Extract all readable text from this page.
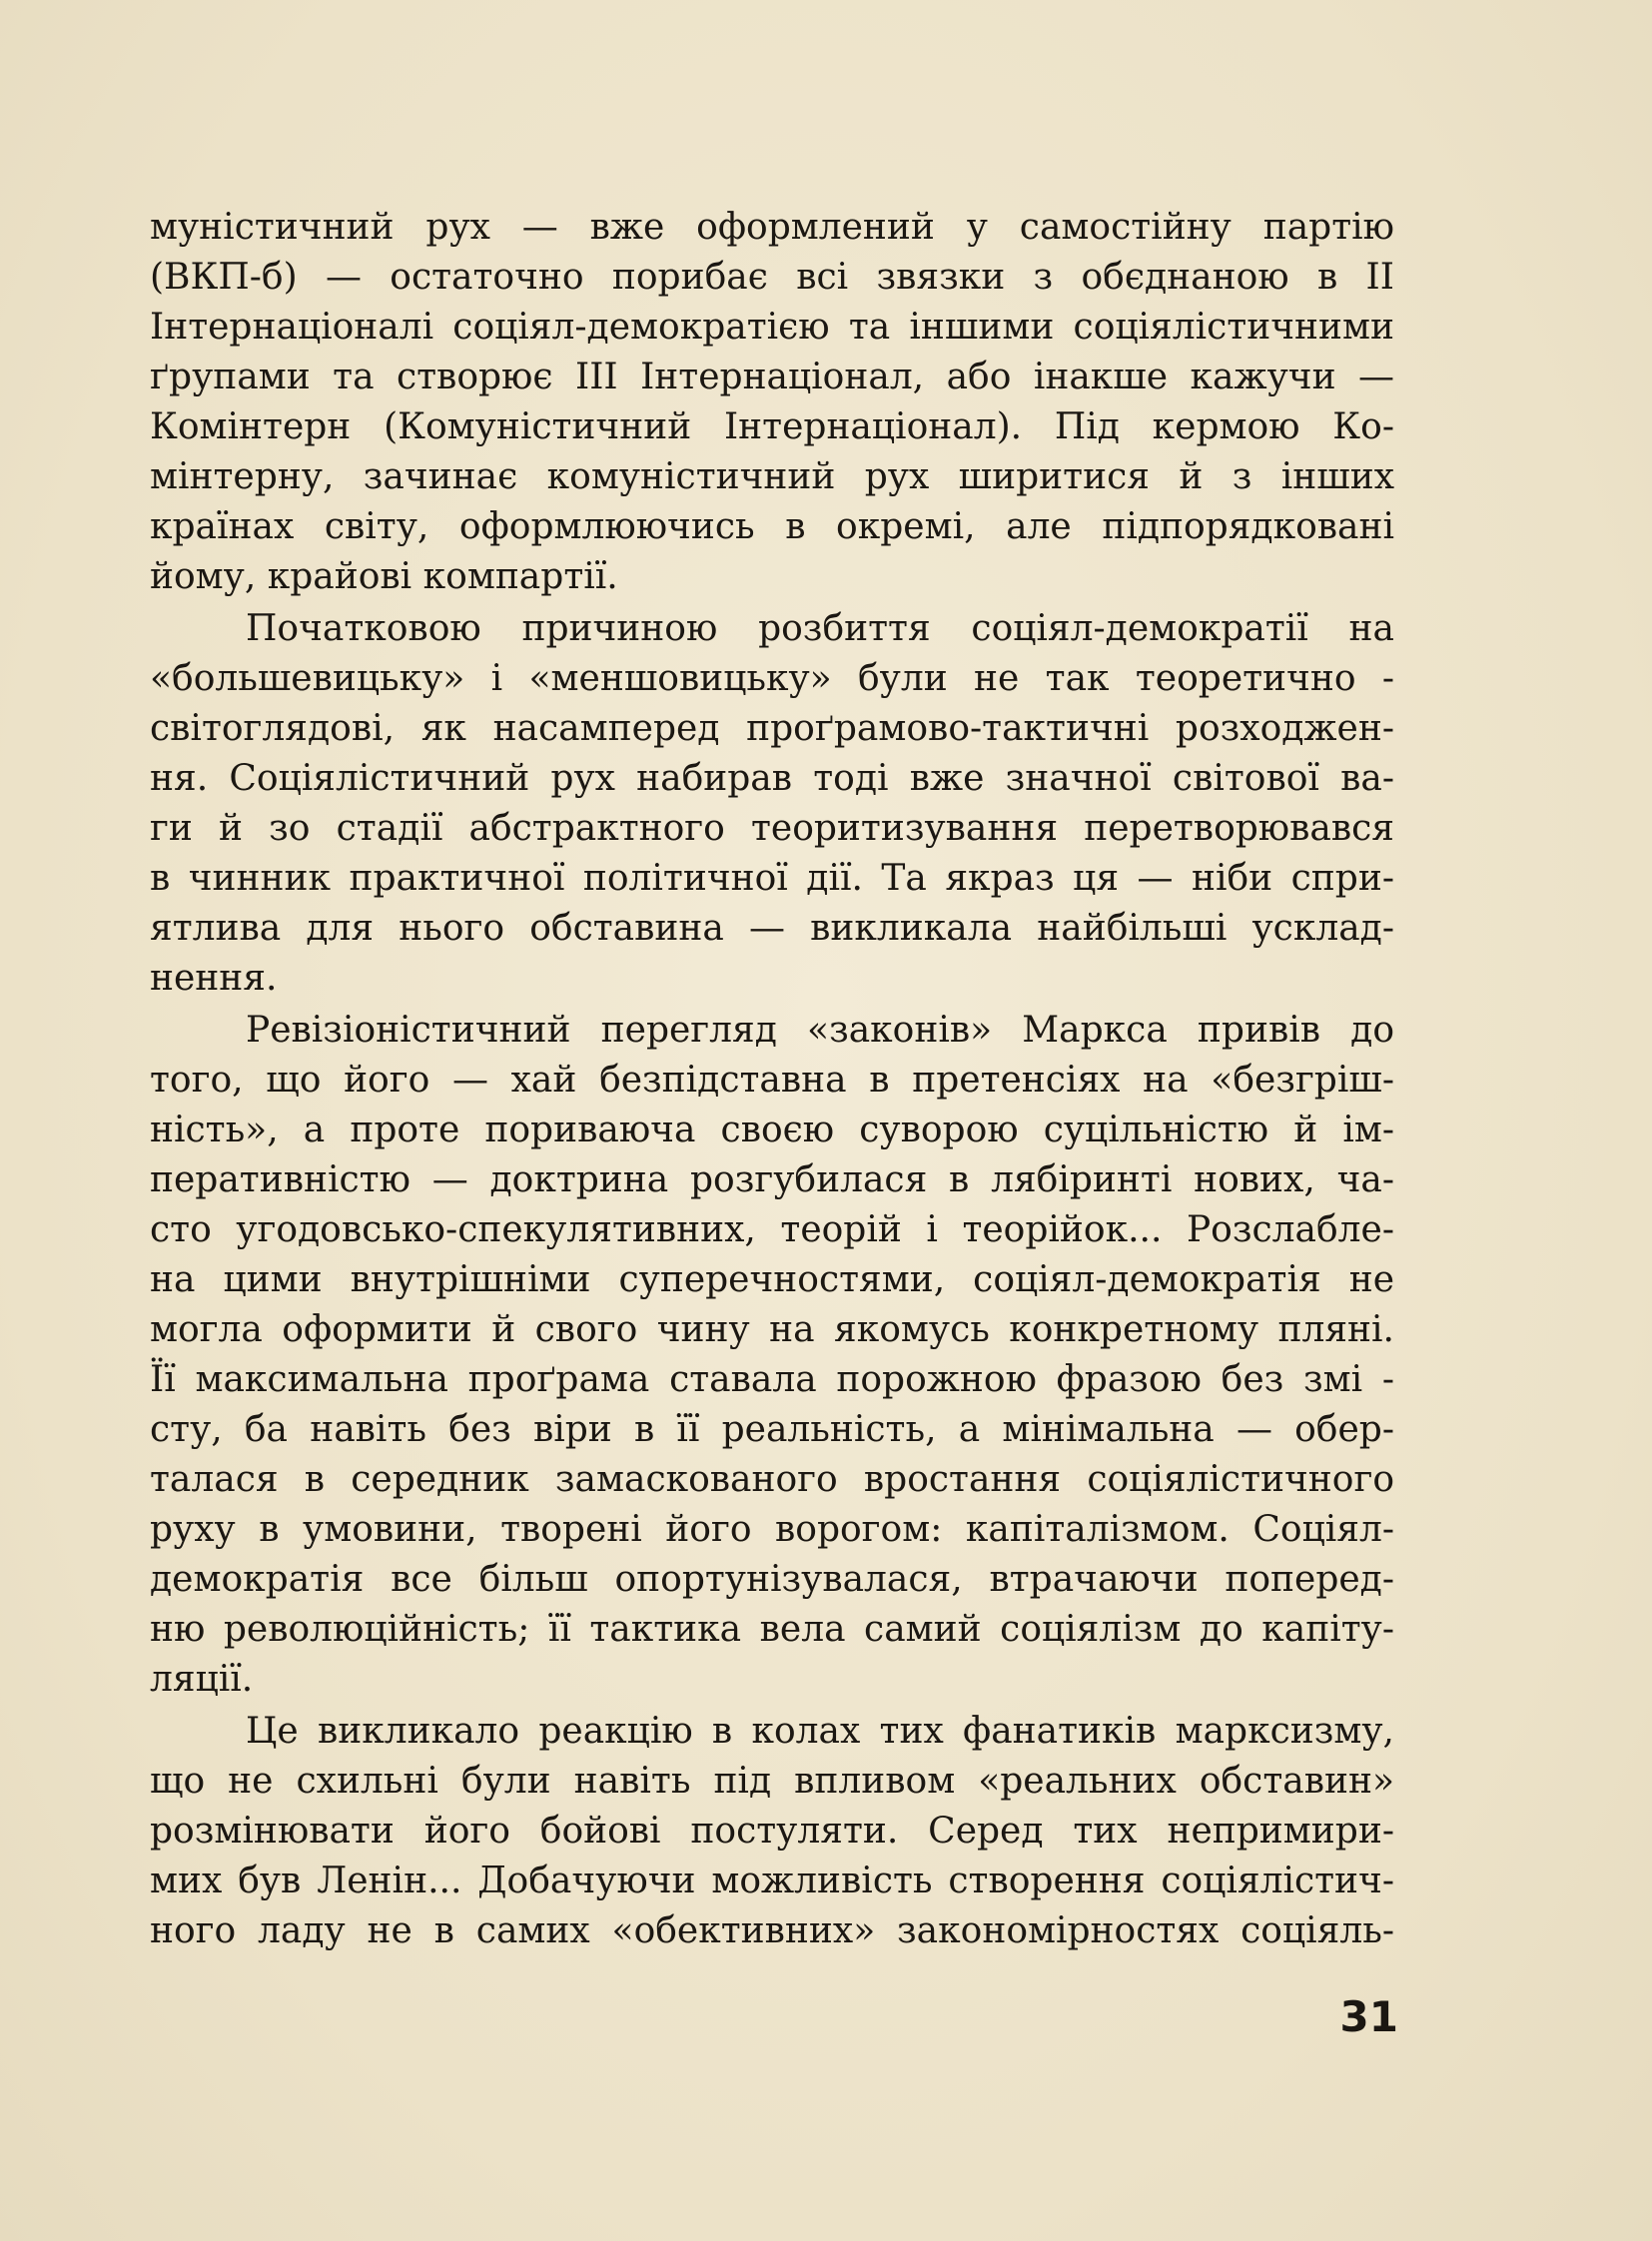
муністичний рух — вже оформлений у самостійну партію
(ВКП-б) — остаточно порибає всі звязки з обєднаною в ІІ
Інтернаціоналі соціял-демократією та іншими соціялістичними
ґрупами та створює ІІІ Інтернаціонал, або інакше кажучи —
Комінтерн (Комуністичний Інтернаціонал). Під кермою Ко-
мінтерну, зачинає комуністичний рух ширитися й з інших
країнах світу, оформлюючись в окремі, але підпорядковані
йому, крайові компартії.
Початковою причиною розбиття соціял-демократії на
«большевицьку» і «меншовицьку» були не так теоретично -
світоглядові, як насамперед проґрамово-тактичні розходжен-
ня. Соціялістичний рух набирав тоді вже значної світової ва-
ги й зо стадії абстрактного теоритизування перетворювався
в чинник практичної політичної дії. Та якраз ця — ніби спри-
ятлива для нього обставина — викликала найбільші усклад-
нення.
Ревізіоністичний перегляд «законів» Маркса привів до
того, що його — хай безпідставна в претенсіях на «безгріш-
ність», а проте пориваюча своєю суворою суцільністю й ім-
перативністю — доктрина розгубилася в лябіринті нових, ча-
сто угодовсько-спекулятивних, теорій і теорійок... Розслабле-
на цими внутрішніми суперечностями, соціял-демократія не
могла оформити й свого чину на якомусь конкретному пляні.
Її максимальна проґрама ставала порожною фразою без змі -
сту, ба навіть без віри в її реальність, а мінімальна — обер-
талася в середник замаскованого вростання соціялістичного
руху в умовини, творені його ворогом: капіталізмом. Соціял-
демократія все більш опортунізувалася, втрачаючи поперед-
ню революційність; її тактика вела самий соціялізм до капіту-
ляції.
Це викликало реакцію в колах тих фанатиків марксизму,
що не схильні були навіть під впливом «реальних обставин»
розмінювати його бойові постуляти. Серед тих непримири-
мих був Ленін... Добачуючи можливість створення соціялістич-
ного ладу не в самих «обективних» закономірностях соціяль-
31
